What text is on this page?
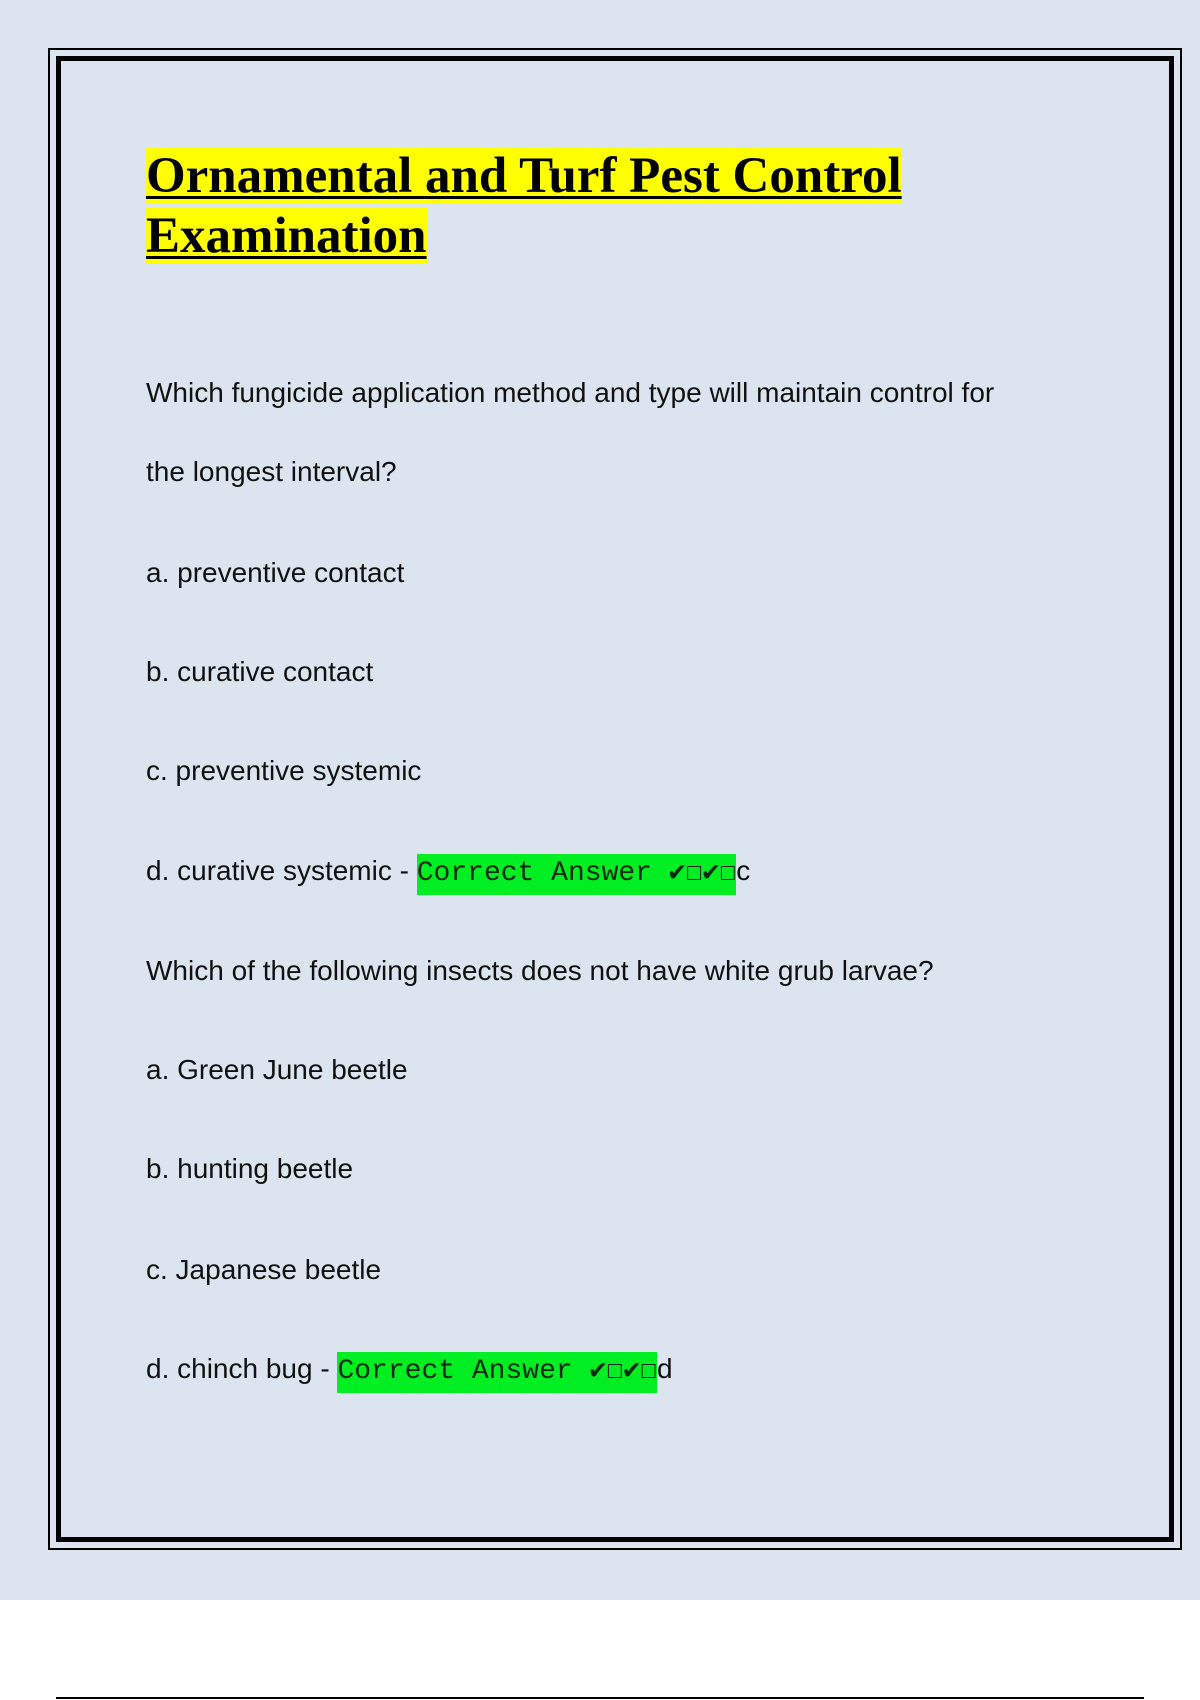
Ornamental and Turf Pest Control
Examination
Which fungicide application method and type will maintain control for
the longest interval?
a. preventive contact
b. curative contact
c. preventive systemic
d. curative systemic - Correct Answer ✔☐✔☐c
Which of the following insects does not have white grub larvae?
a. Green June beetle
b. hunting beetle
c. Japanese beetle
d. chinch bug - Correct Answer ✔☐✔☐d
